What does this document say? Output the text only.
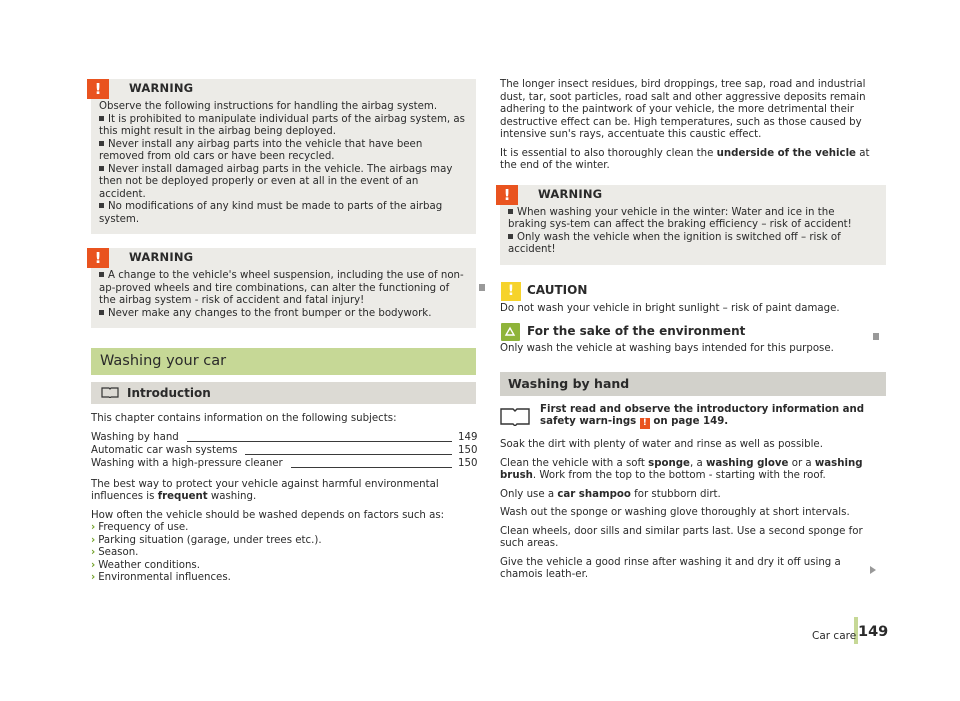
!	WARNING

Observe the following instructions for handling the airbag system.

It is prohibited to manipulate individual parts of the airbag system, as this might result in the airbag being deployed.

Never install any airbag parts into the vehicle that have been removed from old cars or have been recycled.

Never install damaged airbag parts in the vehicle. The airbags may then not be deployed properly or even at all in the event of an accident.

No modifications of any kind must be made to parts of the airbag system.

!	WARNING

A change to the vehicle's wheel suspension, including the use of non-ap-proved wheels and tire combinations, can alter the functioning of the airbag system - risk of accident and fatal injury!

Never make any changes to the front bumper or the bodywork.

Washing your car
Introduction

This chapter contains information on the following subjects:

Washing by hand	149
Automatic car wash systems	150
Washing with a high-pressure cleaner	150

The best way to protect your vehicle against harmful environmental influences is frequent washing.

How often the vehicle should be washed depends on factors such as:

› Frequency of use.
› Parking situation (garage, under trees etc.).
› Season.
› Weather conditions.
› Environmental influences.

The longer insect residues, bird droppings, tree sap, road and industrial dust, tar, soot particles, road salt and other aggressive deposits remain adhering to the paintwork of your vehicle, the more detrimental their destructive effect can be. High temperatures, such as those caused by intensive sun's rays, accentuate this caustic effect.

It is essential to also thoroughly clean the underside of the vehicle at the end of the winter.

!	WARNING

When washing your vehicle in the winter: Water and ice in the braking sys-tem can affect the braking efficiency – risk of accident!

Only wash the vehicle when the ignition is switched off – risk of accident!

!	CAUTION

Do not wash your vehicle in bright sunlight – risk of paint damage.

For the sake of the environment

Only wash the vehicle at washing bays intended for this purpose.

Washing by hand
First read and observe the introductory information and safety warn-ings ! on page 149.

Soak the dirt with plenty of water and rinse as well as possible.

Clean the vehicle with a soft sponge, a washing glove or a washing brush. Work from the top to the bottom - starting with the roof.

Only use a car shampoo for stubborn dirt.

Wash out the sponge or washing glove thoroughly at short intervals.

Clean wheels, door sills and similar parts last. Use a second sponge for such areas.

Give the vehicle a good rinse after washing it and dry it off using a chamois leath-er.

Car care 149
